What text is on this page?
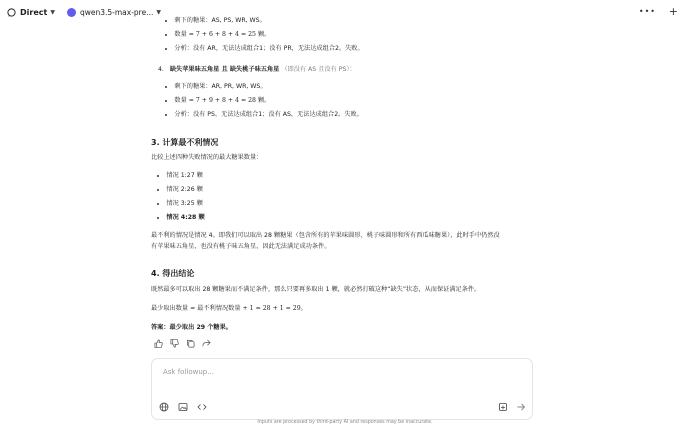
Direct ▼	qwen3.5-max-pre... ▼	••• +
剩下的糖果：AS, PS, WR, WS。
数量 = 7 + 6 + 8 + 4 = 25 颗。
分析：没有 AR，无法达成组合1；没有 PR，无法达成组合2。失败。
4. 缺失苹果味五角星 且 缺失桃子味五角星 （即没有 AS 且没有 PS）：
剩下的糖果：AR, PR, WR, WS。
数量 = 7 + 9 + 8 + 4 = 28 颗。
分析：没有 PS，无法达成组合1；没有 AS，无法达成组合2。失败。
3. 计算最不利情况
比较上述四种失败情况的最大糖果数量：
情况 1:27 颗
情况 2:26 颗
情况 3:25 颗
情况 4:28 颗
最不利的情况是情况 4。即我们可以取出 28 颗糖果（包含所有的苹果味圆形、桃子味圆形和所有西瓜味糖果），此时手中仍然没
有苹果味五角星，也没有桃子味五角星，因此无法满足成功条件。
4. 得出结论
既然最多可以取出 28 颗糖果而不满足条件，那么只要再多取出 1 颗，就必然打破这种“缺失”状态，从而保证满足条件。
最少取出数量 = 最不利情况数量 + 1 = 28 + 1 = 29。
答案：最少取出 29 个糖果。
Ask followup...
Inputs are processed by third-party AI and responses may be inaccurate.
